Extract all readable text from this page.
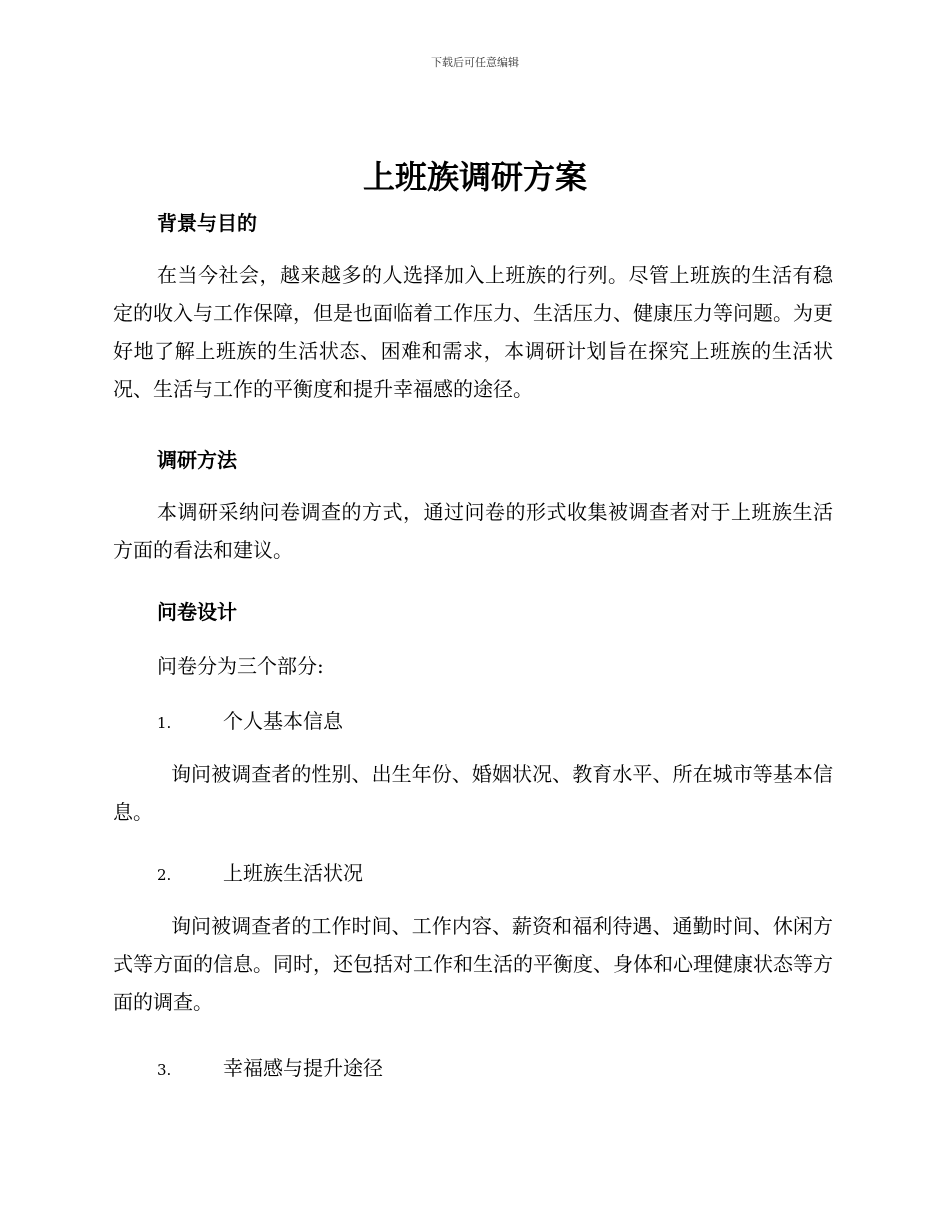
下载后可任意编辑
上班族调研方案
背景与目的

在当今社会，越来越多的人选择加入上班族的行列。尽管上班族的生活有稳定的收入与工作保障，但是也面临着工作压力、生活压力、健康压力等问题。为更好地了解上班族的生活状态、困难和需求，本调研计划旨在探究上班族的生活状况、生活与工作的平衡度和提升幸福感的途径。

调研方法

本调研采纳问卷调查的方式，通过问卷的形式收集被调查者对于上班族生活方面的看法和建议。

问卷设计
问卷分为三个部分:
1.	个人基本信息

询问被调查者的性别、出生年份、婚姻状况、教育水平、所在城市等基本信息。

2.	上班族生活状况

询问被调查者的工作时间、工作内容、薪资和福利待遇、通勤时间、休闲方式等方面的信息。同时，还包括对工作和生活的平衡度、身体和心理健康状态等方面的调查。

3.	幸福感与提升途径
